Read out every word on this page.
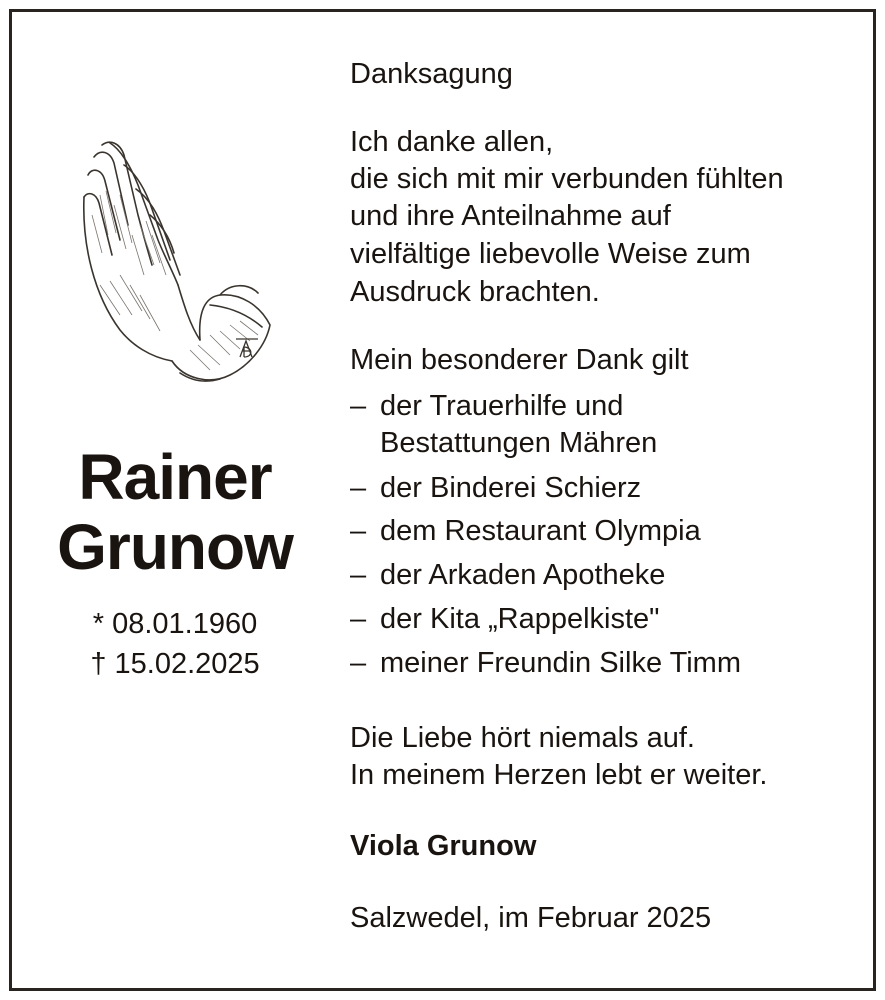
Rainer
Grunow
* 08.01.1960
† 15.02.2025
Danksagung
Ich danke allen,
die sich mit mir verbunden fühlten
und ihre Anteilnahme auf
vielfältige liebevolle Weise zum
Ausdruck brachten.
Mein besonderer Dank gilt
– der Trauerhilfe und
Bestattungen Mähren
– der Binderei Schierz
– dem Restaurant Olympia
– der Arkaden Apotheke
– der Kita „Rappelkiste"
– meiner Freundin Silke Timm
Die Liebe hört niemals auf.
In meinem Herzen lebt er weiter.
Viola Grunow
Salzwedel, im Februar 2025
